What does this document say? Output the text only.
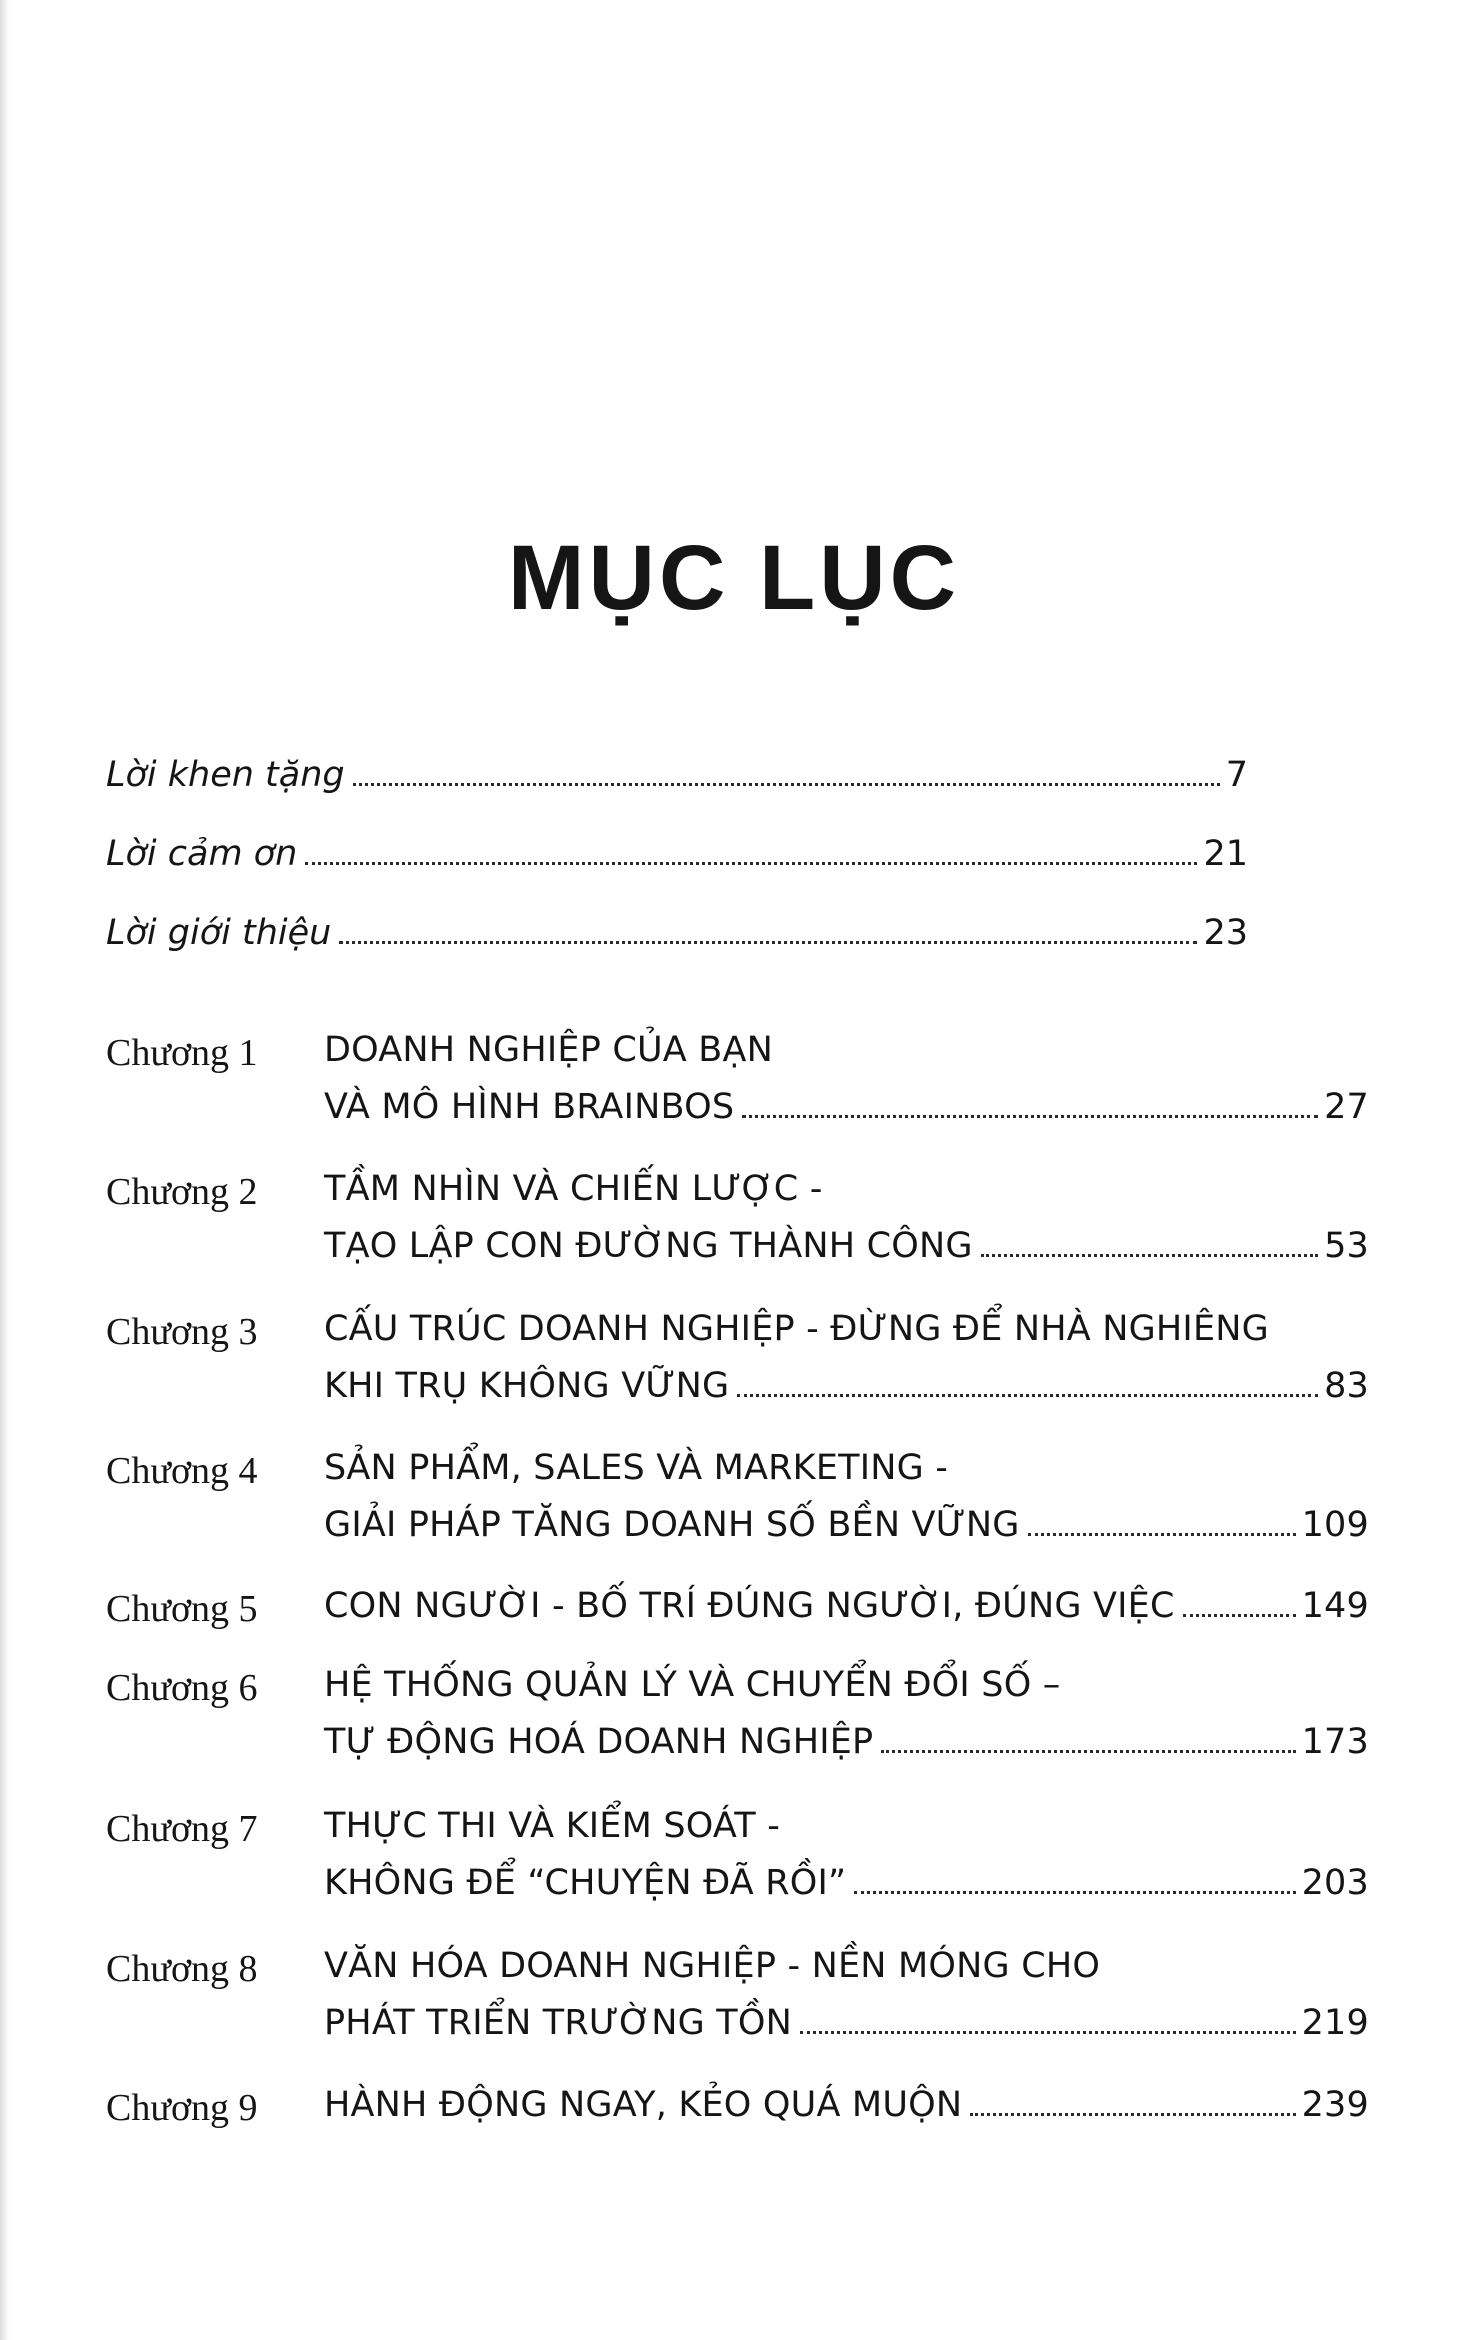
MỤC LỤC
Lời khen tặng	7
Lời cảm ơn	21
Lời giới thiệu	23
Chương 1 DOANH NGHIỆP CỦA BẠN
VÀ MÔ HÌNH BRAINBOS	27
Chương 2 TẦM NHÌN VÀ CHIẾN LƯỢC -
TẠO LẬP CON ĐƯỜNG THÀNH CÔNG	53
Chương 3 CẤU TRÚC DOANH NGHIỆP - ĐỪNG ĐỂ NHÀ NGHIÊNG
KHI TRỤ KHÔNG VỮNG	83
Chương 4 SẢN PHẨM, SALES VÀ MARKETING -
GIẢI PHÁP TĂNG DOANH SỐ BỀN VỮNG	109
Chương 5 CON NGƯỜI - BỐ TRÍ ĐÚNG NGƯỜI, ĐÚNG VIỆC	149
Chương 6 HỆ THỐNG QUẢN LÝ VÀ CHUYỂN ĐỔI SỐ –
TỰ ĐỘNG HOÁ DOANH NGHIỆP	173
Chương 7 THỰC THI VÀ KIỂM SOÁT -
KHÔNG ĐỂ “CHUYỆN ĐÃ RỒI”	203
Chương 8 VĂN HÓA DOANH NGHIỆP - NỀN MÓNG CHO
PHÁT TRIỂN TRƯỜNG TỒN	219
Chương 9 HÀNH ĐỘNG NGAY, KẺO QUÁ MUỘN	239
